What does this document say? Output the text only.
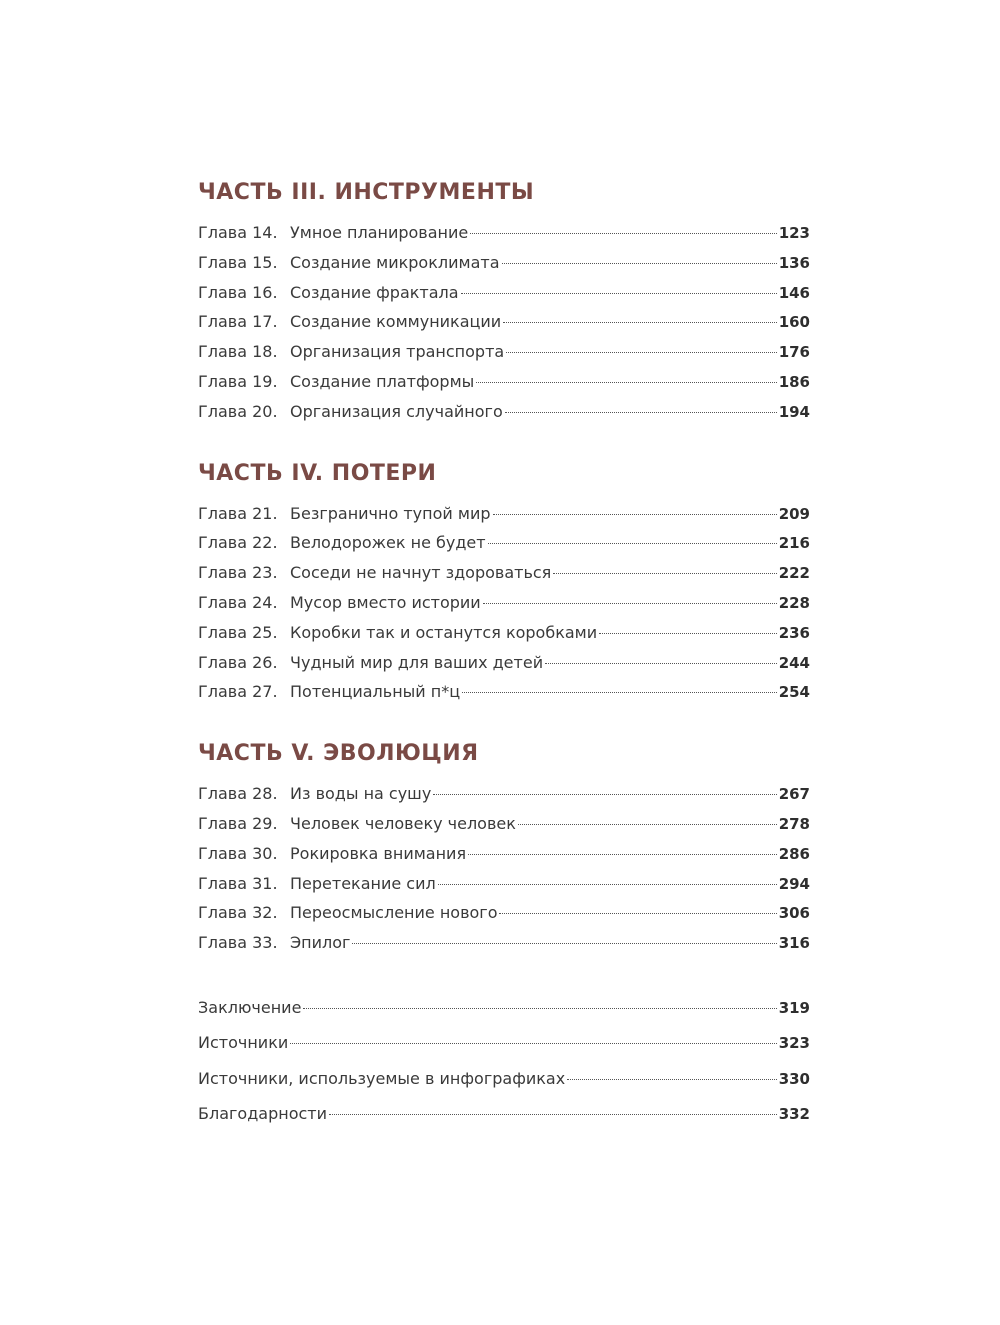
ЧАСТЬ III. ИНСТРУМЕНТЫ
Глава 14. Умное планирование	123
Глава 15. Создание микроклимата	136
Глава 16. Создание фрактала	146
Глава 17. Создание коммуникации	160
Глава 18. Организация транспорта	176
Глава 19. Создание платформы	186
Глава 20. Организация случайного	194
ЧАСТЬ IV. ПОТЕРИ
Глава 21. Безгранично тупой мир	209
Глава 22. Велодорожек не будет	216
Глава 23. Соседи не начнут здороваться	222
Глава 24. Мусор вместо истории	228
Глава 25. Коробки так и останутся коробками	236
Глава 26. Чудный мир для ваших детей	244
Глава 27. Потенциальный п*ц	254
ЧАСТЬ V. ЭВОЛЮЦИЯ
Глава 28. Из воды на сушу	267
Глава 29. Человек человеку человек	278
Глава 30. Рокировка внимания	286
Глава 31. Перетекание сил	294
Глава 32. Переосмысление нового	306
Глава 33. Эпилог	316
Заключение	319
Источники	323
Источники, используемые в инфографиках	330
Благодарности	332
